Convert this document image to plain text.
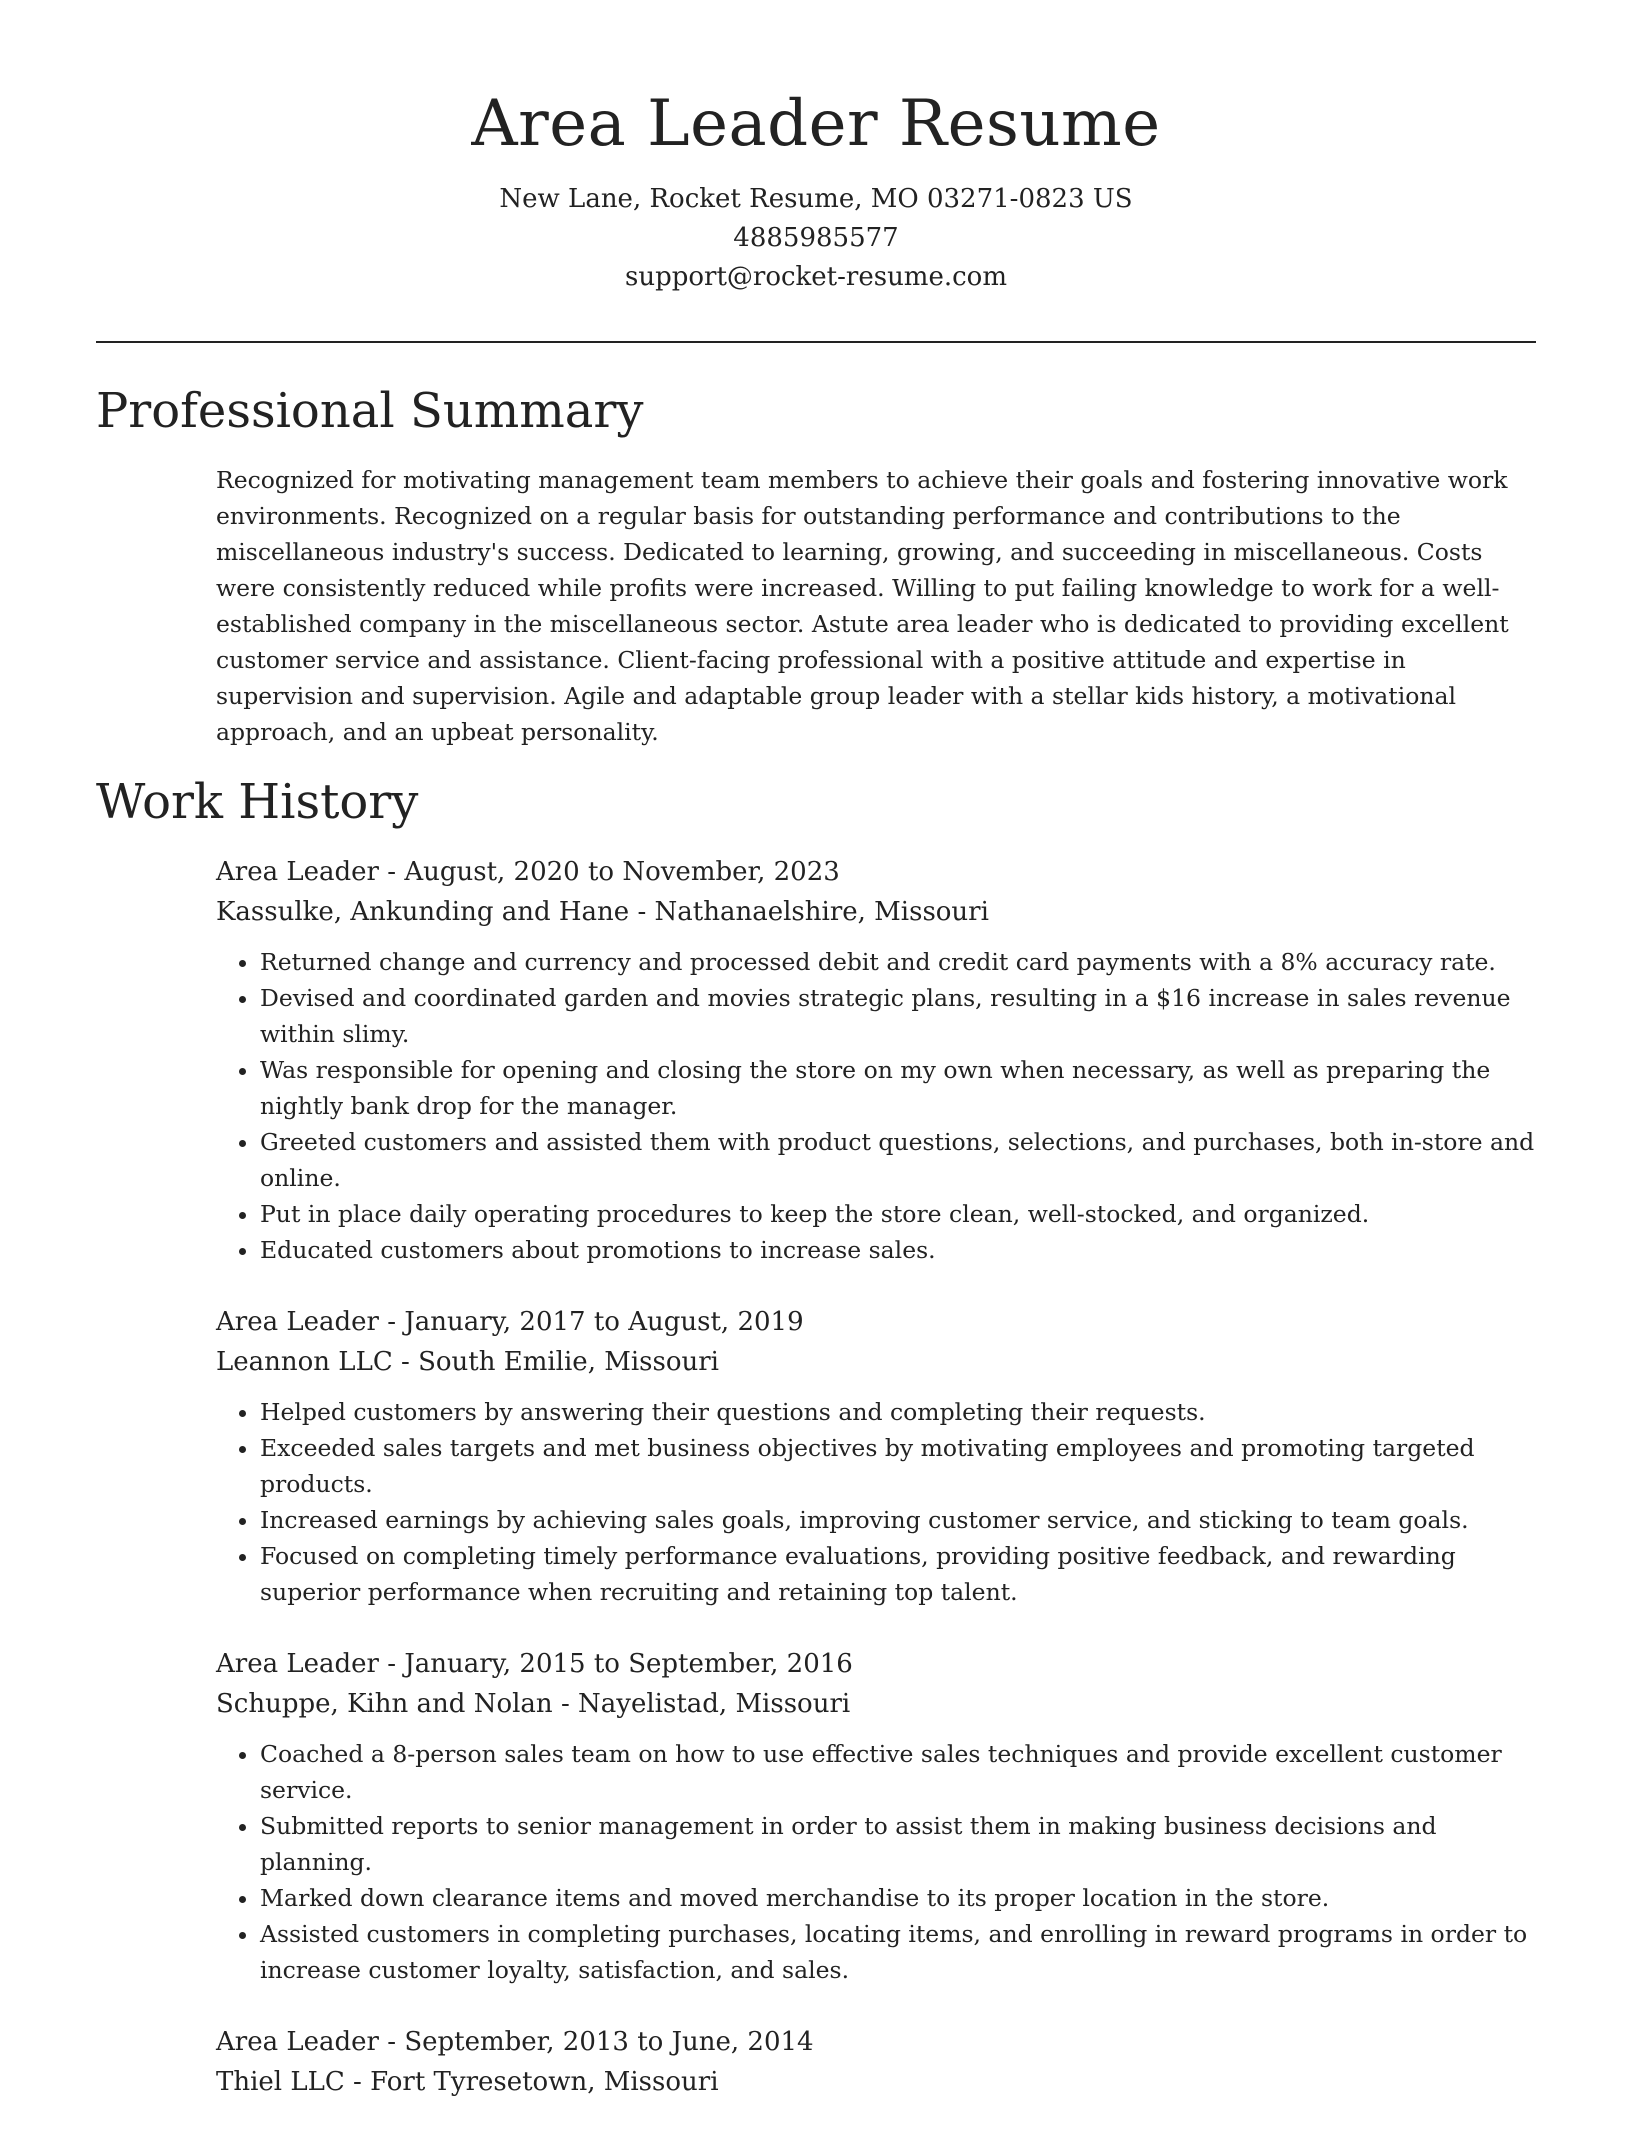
Area Leader Resume

New Lane, Rocket Resume, MO 03271-0823 US

4885985577

support@rocket-resume.com

Professional Summary

Recognized for motivating management team members to achieve their goals and fostering innovative work environments. Recognized on a regular basis for outstanding performance and contributions to the miscellaneous industry's success. Dedicated to learning, growing, and succeeding in miscellaneous. Costs were consistently reduced while profits were increased. Willing to put failing knowledge to work for a well-established company in the miscellaneous sector. Astute area leader who is dedicated to providing excellent customer service and assistance. Client-facing professional with a positive attitude and expertise in supervision and supervision. Agile and adaptable group leader with a stellar kids history, a motivational approach, and an upbeat personality.

Work History

Area Leader - August, 2020 to November, 2023

Kassulke, Ankunding and Hane - Nathanaelshire, Missouri

• Returned change and currency and processed debit and credit card payments with a 8% accuracy rate.
• Devised and coordinated garden and movies strategic plans, resulting in a $16 increase in sales revenue within slimy.
• Was responsible for opening and closing the store on my own when necessary, as well as preparing the nightly bank drop for the manager.
• Greeted customers and assisted them with product questions, selections, and purchases, both in-store and online.
• Put in place daily operating procedures to keep the store clean, well-stocked, and organized.
• Educated customers about promotions to increase sales.

Area Leader - January, 2017 to August, 2019

Leannon LLC - South Emilie, Missouri

• Helped customers by answering their questions and completing their requests.
• Exceeded sales targets and met business objectives by motivating employees and promoting targeted products.
• Increased earnings by achieving sales goals, improving customer service, and sticking to team goals.
• Focused on completing timely performance evaluations, providing positive feedback, and rewarding superior performance when recruiting and retaining top talent.

Area Leader - January, 2015 to September, 2016

Schuppe, Kihn and Nolan - Nayelistad, Missouri

• Coached a 8-person sales team on how to use effective sales techniques and provide excellent customer service.
• Submitted reports to senior management in order to assist them in making business decisions and planning.
• Marked down clearance items and moved merchandise to its proper location in the store.
• Assisted customers in completing purchases, locating items, and enrolling in reward programs in order to increase customer loyalty, satisfaction, and sales.

Area Leader - September, 2013 to June, 2014

Thiel LLC - Fort Tyresetown, Missouri
